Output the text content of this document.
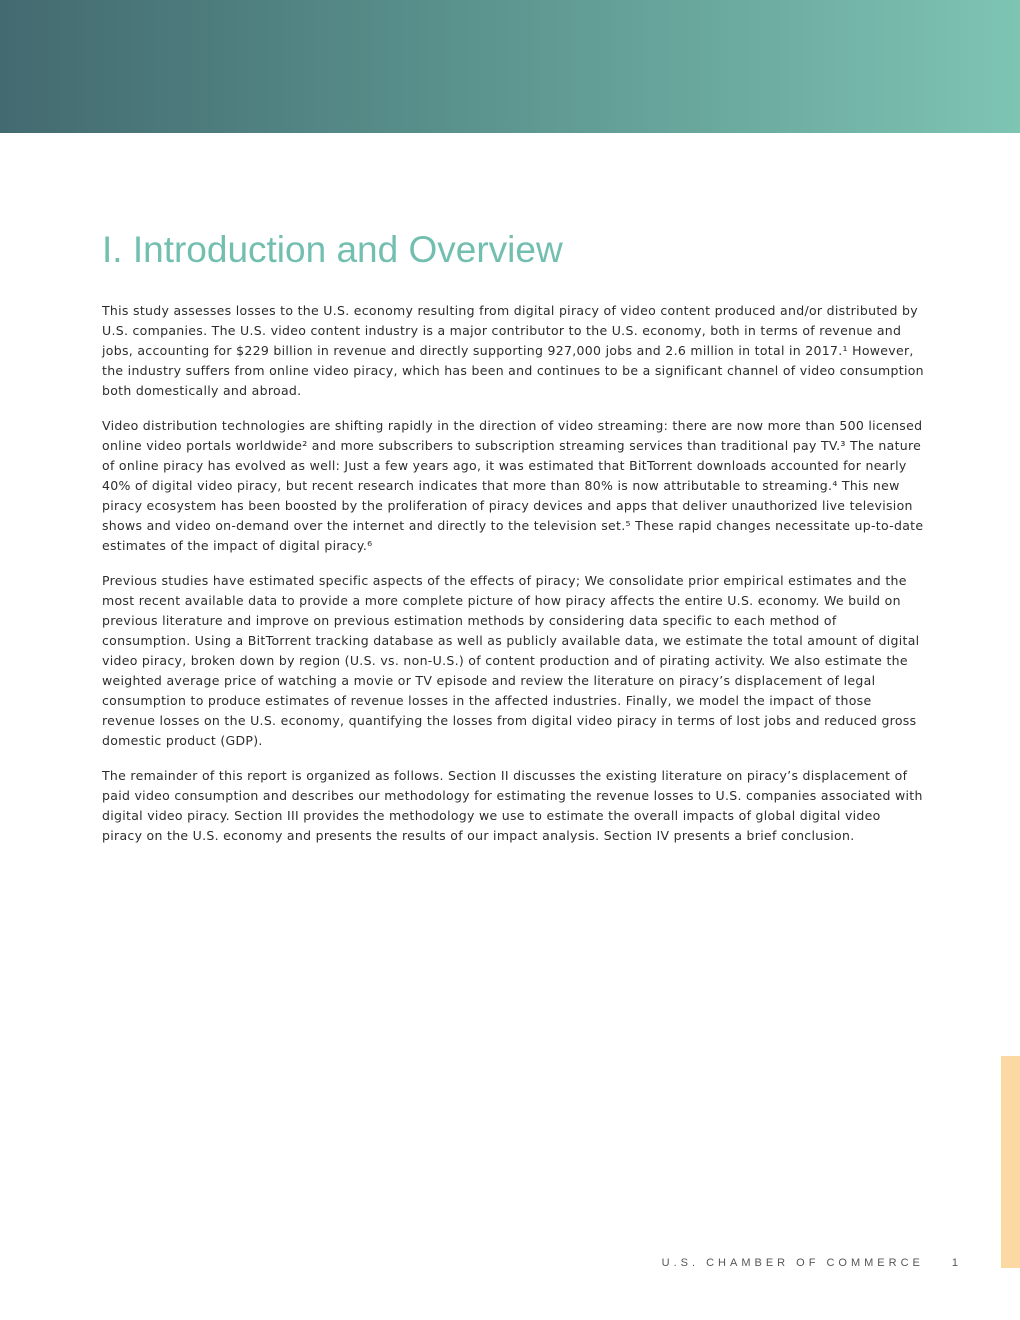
I. Introduction and Overview

This study assesses losses to the U.S. economy resulting from digital piracy of video content produced and/or distributed by U.S. companies. The U.S. video content industry is a major contributor to the U.S. economy, both in terms of revenue and jobs, accounting for $229 billion in revenue and directly supporting 927,000 jobs and 2.6 million in total in 2017.¹ However, the industry suffers from online video piracy, which has been and continues to be a significant channel of video consumption both domestically and abroad.

Video distribution technologies are shifting rapidly in the direction of video streaming: there are now more than 500 licensed online video portals worldwide² and more subscribers to subscription streaming services than traditional pay TV.³ The nature of online piracy has evolved as well: Just a few years ago, it was estimated that BitTorrent downloads accounted for nearly 40% of digital video piracy, but recent research indicates that more than 80% is now attributable to streaming.⁴ This new piracy ecosystem has been boosted by the proliferation of piracy devices and apps that deliver unauthorized live television shows and video on-demand over the internet and directly to the television set.⁵ These rapid changes necessitate up-to-date estimates of the impact of digital piracy.⁶

Previous studies have estimated specific aspects of the effects of piracy; We consolidate prior empirical estimates and the most recent available data to provide a more complete picture of how piracy affects the entire U.S. economy. We build on previous literature and improve on previous estimation methods by considering data specific to each method of consumption. Using a BitTorrent tracking database as well as publicly available data, we estimate the total amount of digital video piracy, broken down by region (U.S. vs. non-U.S.) of content production and of pirating activity. We also estimate the weighted average price of watching a movie or TV episode and review the literature on piracy’s displacement of legal consumption to produce estimates of revenue losses in the affected industries. Finally, we model the impact of those revenue losses on the U.S. economy, quantifying the losses from digital video piracy in terms of lost jobs and reduced gross domestic product (GDP).

The remainder of this report is organized as follows. Section II discusses the existing literature on piracy’s displacement of paid video consumption and describes our methodology for estimating the revenue losses to U.S. companies associated with digital video piracy. Section III provides the methodology we use to estimate the overall impacts of global digital video piracy on the U.S. economy and presents the results of our impact analysis. Section IV presents a brief conclusion.

U.S. CHAMBER OF COMMERCE	1
